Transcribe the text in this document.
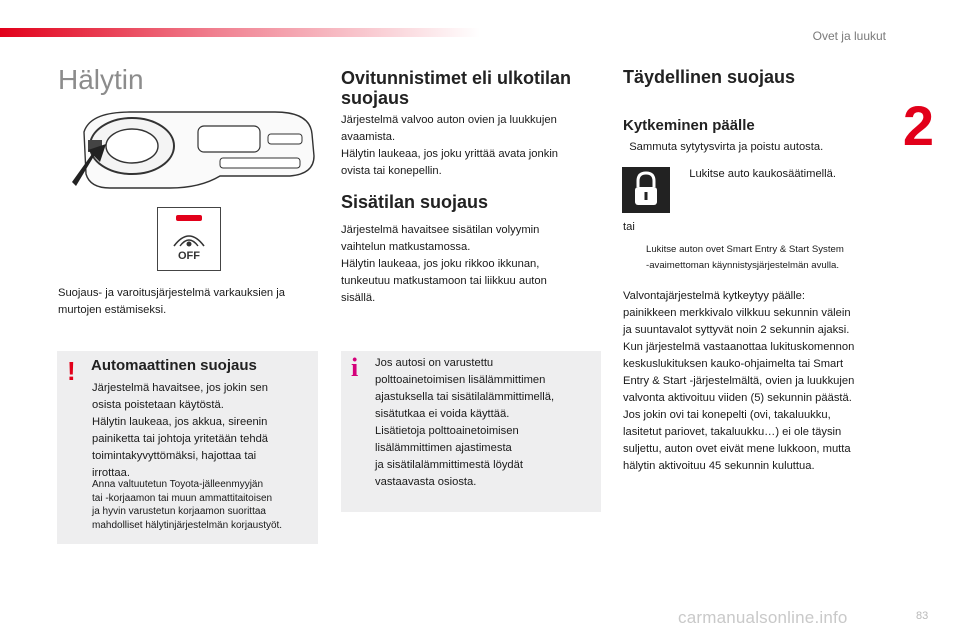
Ovet ja luukut
2
Hälytin
OFF
Suojaus- ja varoitusjärjestelmä varkauksien ja murtojen estämiseksi.
! Automaattinen suojaus
Järjestelmä havaitsee, jos jokin sen
osista poistetaan käytöstä.
Hälytin laukeaa, jos akkua, sireenin
painiketta tai johtoja yritetään tehdä
toimintakyvyttömäksi, hajottaa tai
irrottaa.
Anna valtuutetun Toyota-jälleenmyyjän
tai -korjaamon tai muun ammattitaitoisen
ja hyvin varustetun korjaamon suorittaa
mahdolliset hälytinjärjestelmän korjaustyöt.
Ovitunnistimet eli ulkotilan
suojaus
Järjestelmä valvoo auton ovien ja luukkujen
avaamista.
Hälytin laukeaa, jos joku yrittää avata jonkin
ovista tai konepellin.
Sisätilan suojaus
Järjestelmä havaitsee sisätilan volyymin
vaihtelun matkustamossa.
Hälytin laukeaa, jos joku rikkoo ikkunan,
tunkeutuu matkustamoon tai liikkuu auton
sisällä.
i Jos autosi on varustettu
polttoainetoimisen lisälämmittimen
ajastuksella tai sisätilalämmittimellä,
sisätutkaa ei voida käyttää.
Lisätietoja polttoainetoimisen
lisälämmittimen ajastimesta
ja sisätilalämmittimestä löydät
vastaavasta osiosta.
Täydellinen suojaus
Kytkeminen päälle
Sammuta sytytysvirta ja poistu autosta.
Lukitse auto kaukosäätimellä.
tai
Lukitse auton ovet Smart Entry & Start System
-avaimettoman käynnistysjärjestelmän avulla.
Valvontajärjestelmä kytkeytyy päälle:
painikkeen merkkivalo vilkkuu sekunnin välein
ja suuntavalot syttyvät noin 2 sekunnin ajaksi.
Kun järjestelmä vastaanottaa lukituskomennon
keskuslukituksen kauko-ohjaimelta tai Smart
Entry & Start -järjestelmältä, ovien ja luukkujen
valvonta aktivoituu viiden (5) sekunnin päästä.
Jos jokin ovi tai konepelti (ovi, takaluukku,
lasitetut pariovet, takaluukku…) ei ole täysin
suljettu, auton ovet eivät mene lukkoon, mutta
hälytin aktivoituu 45 sekunnin kuluttua.
carmanualsonline.info	83
